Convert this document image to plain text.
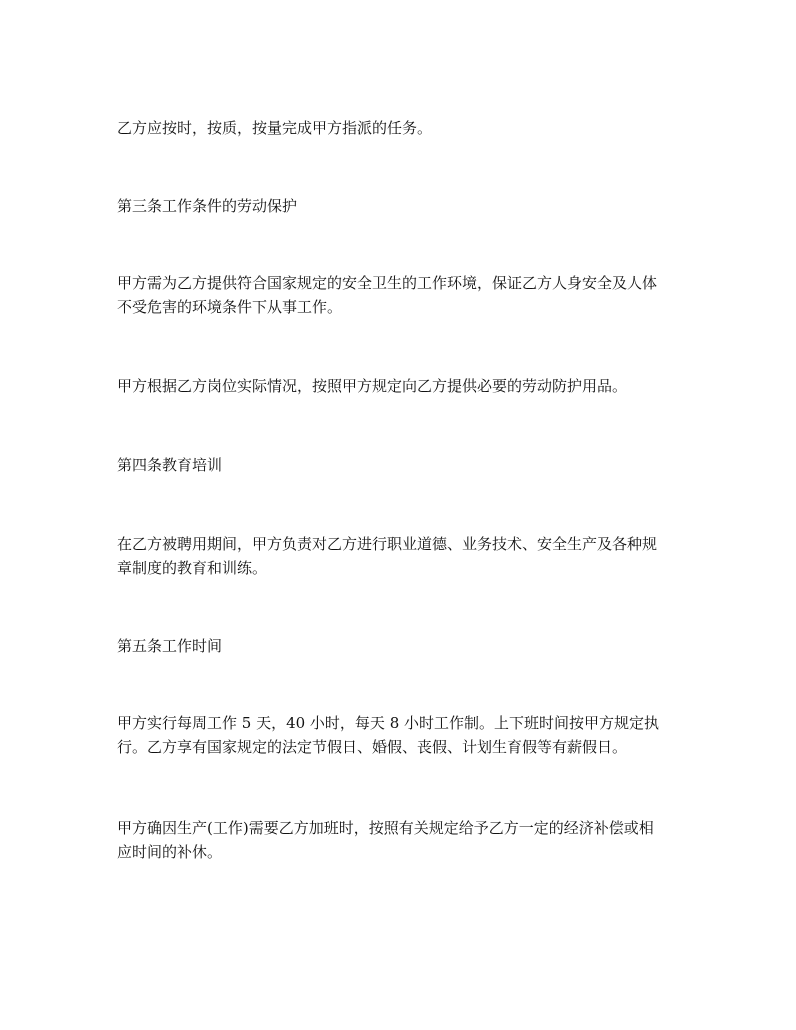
乙方应按时，按质，按量完成甲方指派的任务。
第三条工作条件的劳动保护
甲方需为乙方提供符合国家规定的安全卫生的工作环境，保证乙方人身安全及人体
不受危害的环境条件下从事工作。
甲方根据乙方岗位实际情况，按照甲方规定向乙方提供必要的劳动防护用品。
第四条教育培训
在乙方被聘用期间，甲方负责对乙方进行职业道德、业务技术、安全生产及各种规
章制度的教育和训练。
第五条工作时间
甲方实行每周工作 5 天，40 小时，每天 8 小时工作制。上下班时间按甲方规定执
行。乙方享有国家规定的法定节假日、婚假、丧假、计划生育假等有薪假日。
甲方确因生产(工作)需要乙方加班时，按照有关规定给予乙方一定的经济补偿或相
应时间的补休。
